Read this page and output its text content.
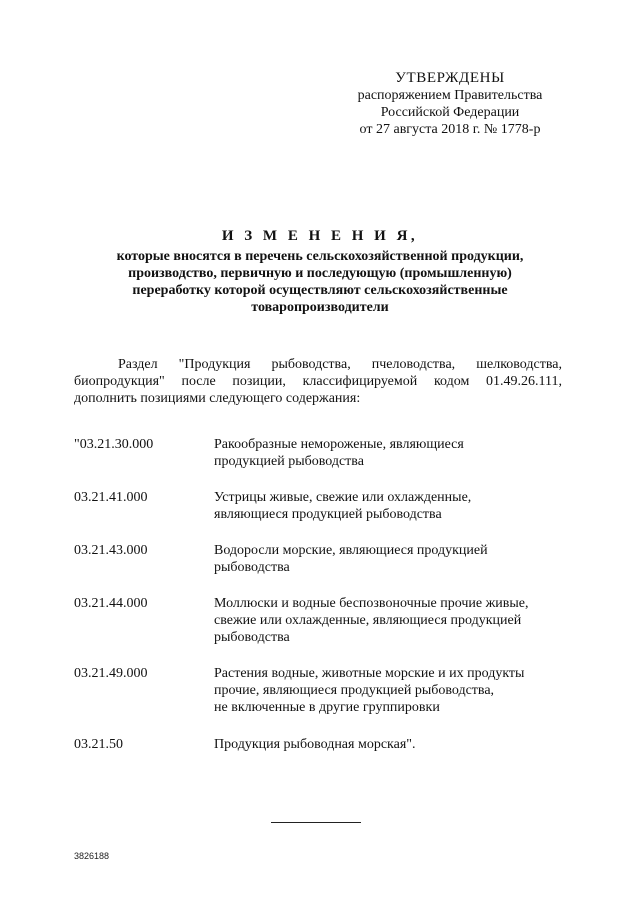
УТВЕРЖДЕНЫ
распоряжением Правительства
Российской Федерации
от 27 августа 2018 г. № 1778-р
И З М Е Н Е Н И Я,
которые вносятся в перечень сельскохозяйственной продукции,
производство, первичную и последующую (промышленную)
переработку которой осуществляют сельскохозяйственные
товаропроизводители
Раздел "Продукция рыбоводства, пчеловодства, шелководства,
биопродукция" после позиции, классифицируемой кодом 01.49.26.111,
дополнить позициями следующего содержания:
"03.21.30.000	Ракообразные немороженые, являющиеся
продукцией рыбоводства
03.21.41.000	Устрицы живые, свежие или охлажденные,
являющиеся продукцией рыбоводства
03.21.43.000	Водоросли морские, являющиеся продукцией
рыбоводства
03.21.44.000	Моллюски и водные беспозвоночные прочие живые,
свежие или охлажденные, являющиеся продукцией
рыбоводства
03.21.49.000	Растения водные, животные морские и их продукты
прочие, являющиеся продукцией рыбоводства,
не включенные в другие группировки
03.21.50	Продукция рыбоводная морская".
3826188
